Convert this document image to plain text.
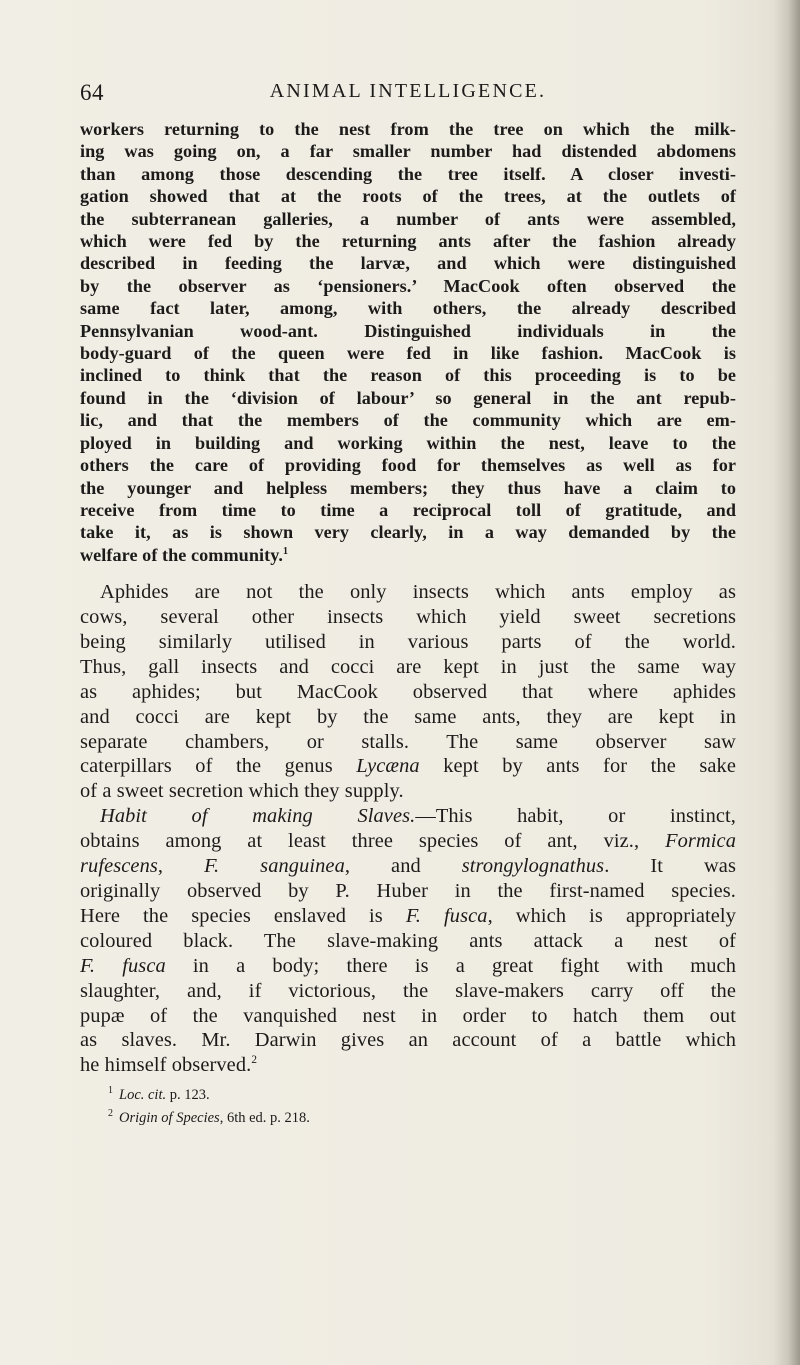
64	ANIMAL INTELLIGENCE.
workers returning to the nest from the tree on which the milk-
ing was going on, a far smaller number had distended abdomens
than among those descending the tree itself. A closer investi-
gation showed that at the roots of the trees, at the outlets of
the subterranean galleries, a number of ants were assembled,
which were fed by the returning ants after the fashion already
described in feeding the larvæ, and which were distinguished
by the observer as ‘pensioners.’ MacCook often observed the
same fact later, among, with others, the already described
Pennsylvanian wood-ant. Distinguished individuals in the
body-guard of the queen were fed in like fashion. MacCook is
inclined to think that the reason of this proceeding is to be
found in the ‘division of labour’ so general in the ant repub-
lic, and that the members of the community which are em-
ployed in building and working within the nest, leave to the
others the care of providing food for themselves as well as for
the younger and helpless members; they thus have a claim to
receive from time to time a reciprocal toll of gratitude, and
take it, as is shown very clearly, in a way demanded by the
welfare of the community.$^1$
Aphides are not the only insects which ants employ as
cows, several other insects which yield sweet secretions
being similarly utilised in various parts of the world.
Thus, gall insects and cocci are kept in just the same way
as aphides; but MacCook observed that where aphides
and cocci are kept by the same ants, they are kept in
separate chambers, or stalls. The same observer saw
caterpillars of the genus Lycæna kept by ants for the sake
of a sweet secretion which they supply.
Habit of making Slaves.—This habit, or instinct,
obtains among at least three species of ant, viz., Formica
rufescens, F. sanguinea, and strongylognathus. It was
originally observed by P. Huber in the first-named species.
Here the species enslaved is F. fusca, which is appropriately
coloured black. The slave-making ants attack a nest of
F. fusca in a body; there is a great fight with much
slaughter, and, if victorious, the slave-makers carry off the
pupæ of the vanquished nest in order to hatch them out
as slaves. Mr. Darwin gives an account of a battle which
he himself observed.$^2$
$^1$ Loc. cit. p. 123.
$^2$ Origin of Species, 6th ed. p. 218.
